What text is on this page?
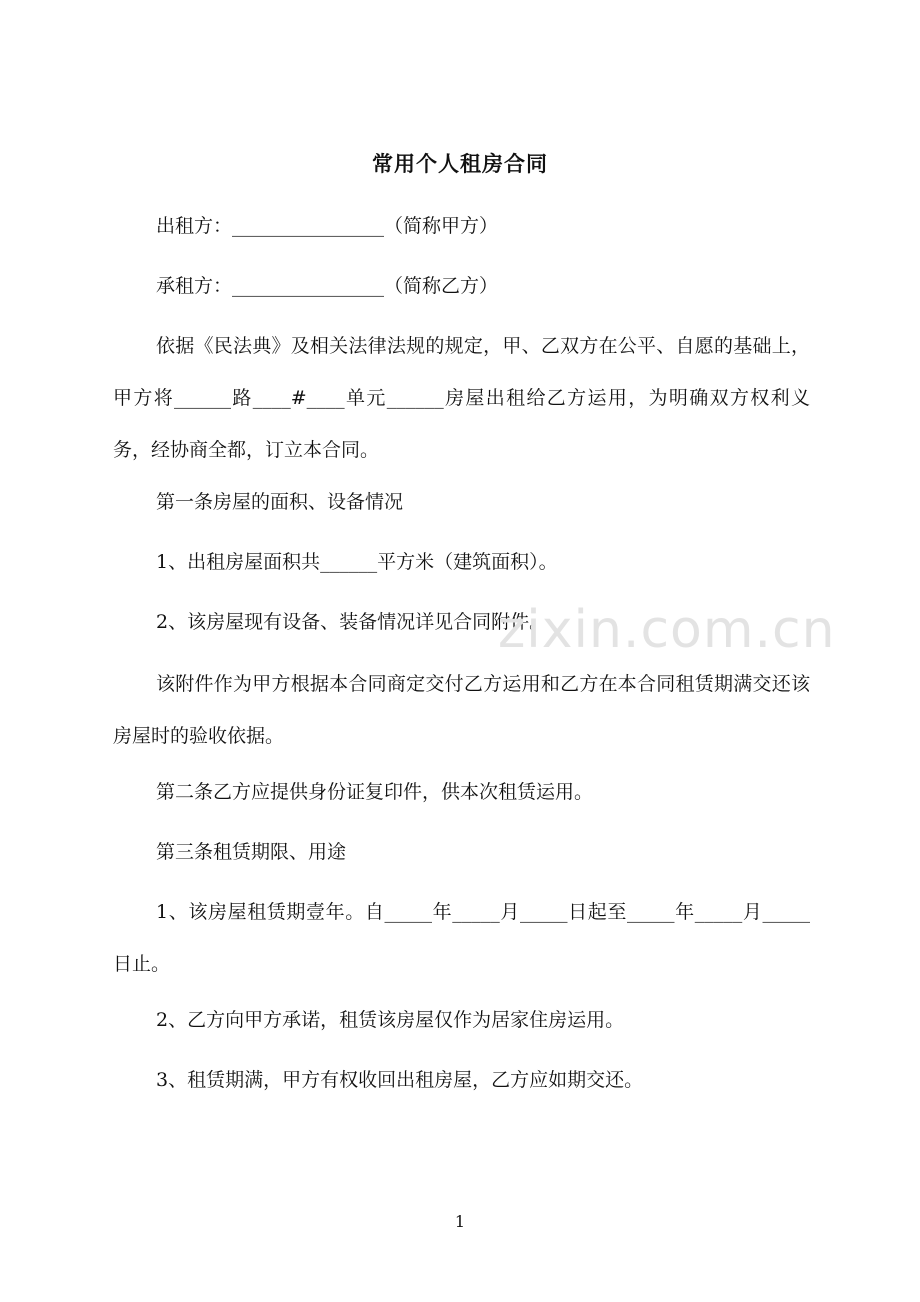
常用个人租房合同

出租方：________________（简称甲方）

承租方：________________（简称乙方）

依据《民法典》及相关法律法规的规定，甲、乙双方在公平、自愿的基础上，甲方将______路____#____单元______房屋出租给乙方运用，为明确双方权利义务，经协商全都，订立本合同。

第一条房屋的面积、设备情况

1、出租房屋面积共______平方米（建筑面积）。

2、该房屋现有设备、装备情况详见合同附件。

该附件作为甲方根据本合同商定交付乙方运用和乙方在本合同租赁期满交还该房屋时的验收依据。

第二条乙方应提供身份证复印件，供本次租赁运用。

第三条租赁期限、用途

1、该房屋租赁期壹年。自_____年_____月_____日起至_____年_____月_____日止。

2、乙方向甲方承诺，租赁该房屋仅作为居家住房运用。

3、租赁期满，甲方有权收回出租房屋，乙方应如期交还。

zixin.com.cn
1
